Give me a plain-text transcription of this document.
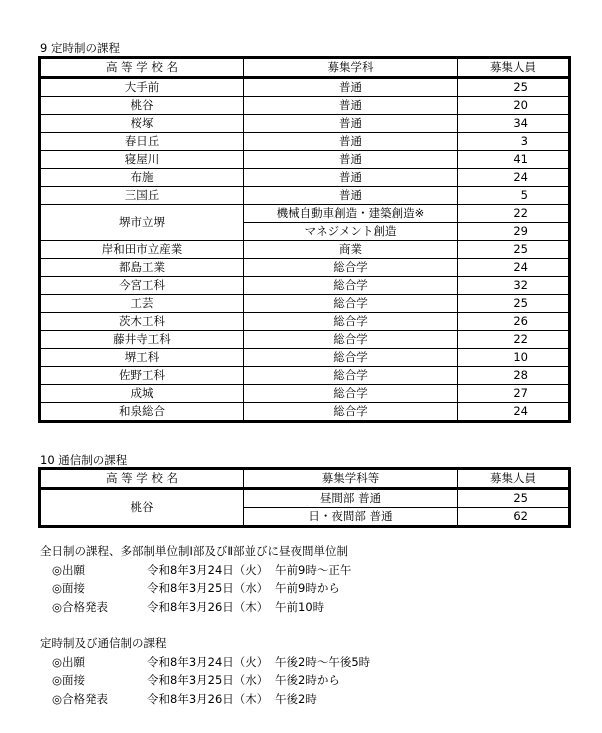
9 定時制の課程
高 等 学 校 名	募集学科	募集人員
大手前	普通	25
桃谷	普通	20
桜塚	普通	34
春日丘	普通	3
寝屋川	普通	41
布施	普通	24
三国丘	普通	5
堺市立堺	機械自動車創造・建築創造※	22
	マネジメント創造	29
岸和田市立産業	商業	25
都島工業	総合学	24
今宮工科	総合学	32
工芸	総合学	25
茨木工科	総合学	26
藤井寺工科	総合学	22
堺工科	総合学	10
佐野工科	総合学	28
成城	総合学	27
和泉総合	総合学	24
10 通信制の課程
高 等 学 校 名	募集学科等	募集人員
桃谷	昼間部 普通	25
	日・夜間部 普通	62
全日制の課程、多部制単位制Ⅰ部及びⅡ部並びに昼夜間単位制
◎出願	令和8年3月24日（火） 午前9時～正午
◎面接	令和8年3月25日（水） 午前9時から
◎合格発表	令和8年3月26日（木） 午前10時
定時制及び通信制の課程
◎出願	令和8年3月24日（火） 午後2時～午後5時
◎面接	令和8年3月25日（水） 午後2時から
◎合格発表	令和8年3月26日（木） 午後2時
